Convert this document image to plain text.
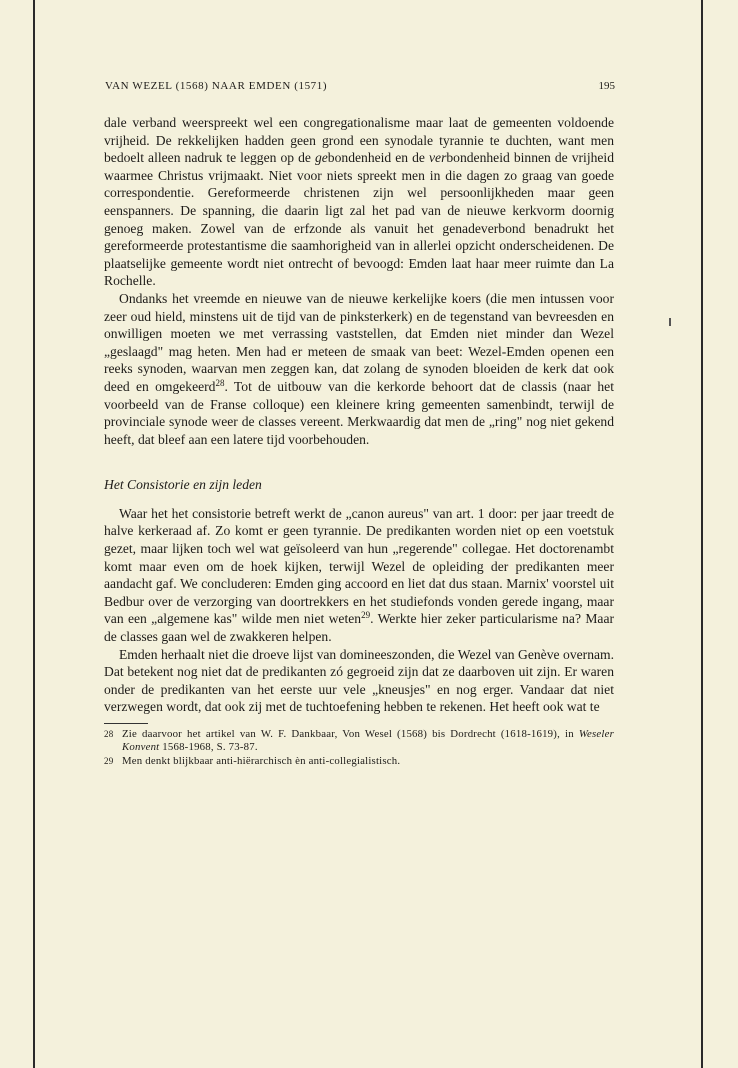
VAN WEZEL (1568) NAAR EMDEN (1571)	195

dale verband weerspreekt wel een congregationalisme maar laat de gemeenten voldoende vrijheid. De rekkelijken hadden geen grond een synodale tyrannie te duchten, want men bedoelt alleen nadruk te leggen op de gebondenheid en de verbondenheid binnen de vrijheid waarmee Christus vrijmaakt. Niet voor niets spreekt men in die dagen zo graag van goede correspondentie. Gereformeerde christenen zijn wel persoonlijkheden maar geen eenspanners. De spanning, die daarin ligt zal het pad van de nieuwe kerkvorm doornig genoeg maken. Zowel van de erfzonde als vanuit het genadeverbond benadrukt het gereformeerde protestantisme die saamhorigheid van in allerlei opzicht onderscheidenen. De plaatselijke gemeente wordt niet ontrecht of bevoogd: Emden laat haar meer ruimte dan La Rochelle.

Ondanks het vreemde en nieuwe van de nieuwe kerkelijke koers (die men intussen voor zeer oud hield, minstens uit de tijd van de pinksterkerk) en de tegenstand van bevreesden en onwilligen moeten we met verrassing vaststellen, dat Emden niet minder dan Wezel „geslaagd" mag heten. Men had er meteen de smaak van beet: Wezel-Emden openen een reeks synoden, waarvan men zeggen kan, dat zolang de synoden bloeiden de kerk dat ook deed en omgekeerd$^{28}$. Tot de uitbouw van die kerkorde behoort dat de classis (naar het voorbeeld van de Franse colloque) een kleinere kring gemeenten samenbindt, terwijl de provinciale synode weer de classes vereent. Merkwaardig dat men de „ring" nog niet gekend heeft, dat bleef aan een latere tijd voorbehouden.

Het Consistorie en zijn leden

Waar het het consistorie betreft werkt de „canon aureus" van art. 1 door: per jaar treedt de halve kerkeraad af. Zo komt er geen tyrannie. De predikanten worden niet op een voetstuk gezet, maar lijken toch wel wat geïsoleerd van hun „regerende" collegae. Het doctorenambt komt maar even om de hoek kijken, terwijl Wezel de opleiding der predikanten meer aandacht gaf. We concluderen: Emden ging accoord en liet dat dus staan. Marnix' voorstel uit Bedbur over de verzorging van doortrekkers en het studiefonds vonden gerede ingang, maar van een „algemene kas" wilde men niet weten$^{29}$. Werkte hier zeker particularisme na? Maar de classes gaan wel de zwakkeren helpen.

Emden herhaalt niet die droeve lijst van domineeszonden, die Wezel van Genève overnam. Dat betekent nog niet dat de predikanten zó gegroeid zijn dat ze daarboven uit zijn. Er waren onder de predikanten van het eerste uur vele „kneusjes" en nog erger. Vandaar dat niet verzwegen wordt, dat ook zij met de tuchtoefening hebben te rekenen. Het heeft ook wat te

28 Zie daarvoor het artikel van W. F. Dankbaar, Von Wesel (1568) bis Dordrecht (1618-1619), in Weseler Konvent 1568-1968, S. 73-87.
29 Men denkt blijkbaar anti-hiërarchisch èn anti-collegialistisch.
